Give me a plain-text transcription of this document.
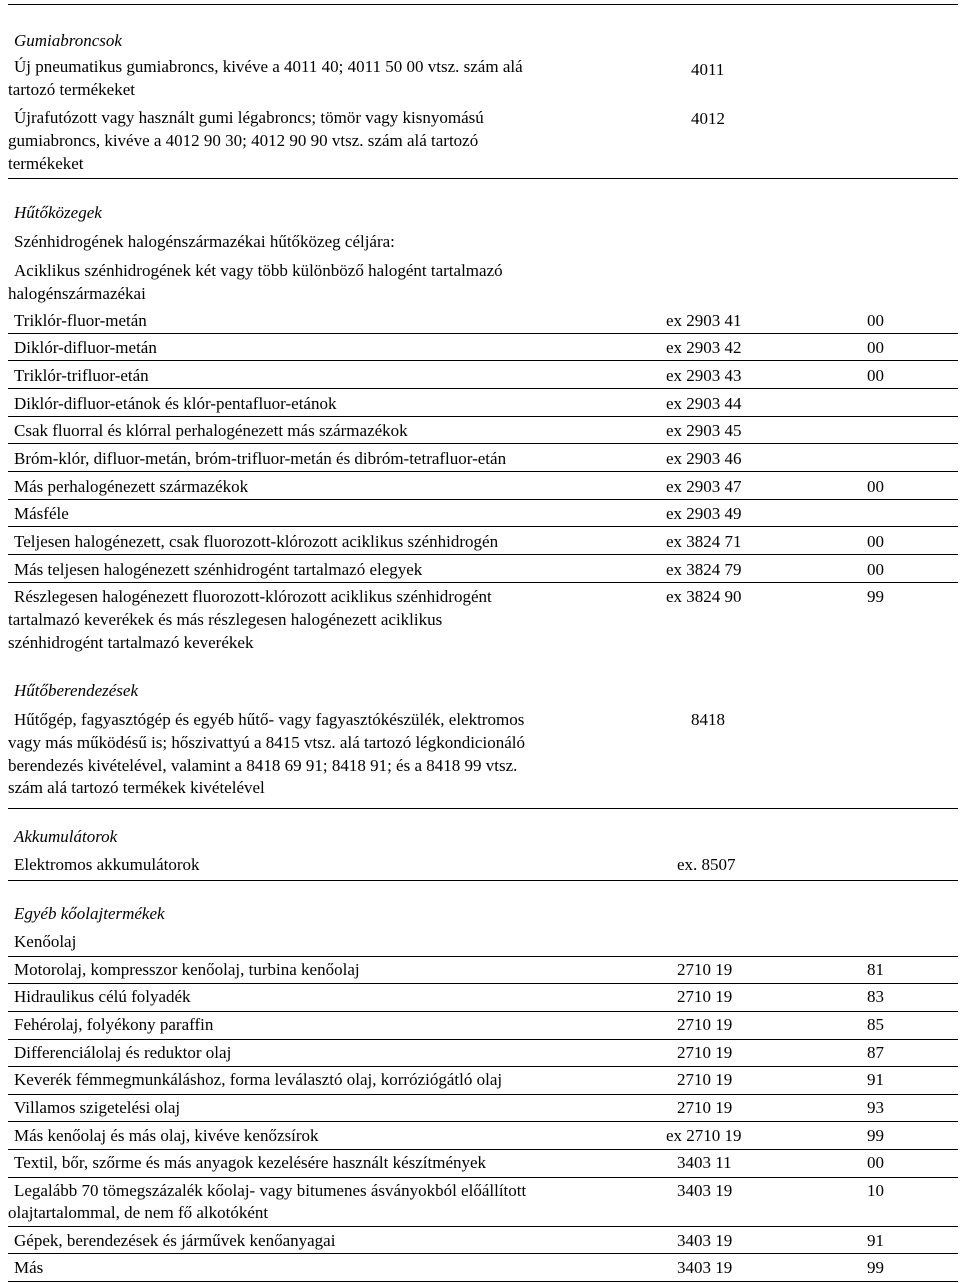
Gumiabroncsok
Új pneumatikus gumiabroncs, kivéve a 4011 40; 4011 50 00 vtsz. szám alá
tartozó termékeket
4011
Újrafutózott vagy használt gumi légabroncs; tömör vagy kisnyomású
gumiabroncs, kivéve a 4012 90 30; 4012 90 90 vtsz. szám alá tartozó
termékeket
4012
Hűtőközegek
Szénhidrogének halogénszármazékai hűtőközeg céljára:
Aciklikus szénhidrogének két vagy több különböző halogént tartalmazó
halogénszármazékai
Triklór-fluor-metán	ex 2903 41	00
Diklór-difluor-metán	ex 2903 42	00
Triklór-trifluor-etán	ex 2903 43	00
Diklór-difluor-etánok és klór-pentafluor-etánok	ex 2903 44
Csak fluorral és klórral perhalogénezett más származékok	ex 2903 45
Bróm-klór, difluor-metán, bróm-trifluor-metán és dibróm-tetrafluor-etán	ex 2903 46
Más perhalogénezett származékok	ex 2903 47	00
Másféle	ex 2903 49
Teljesen halogénezett, csak fluorozott-klórozott aciklikus szénhidrogén	ex 3824 71	00
Más teljesen halogénezett szénhidrogént tartalmazó elegyek	ex 3824 79	00
Részlegesen halogénezett fluorozott-klórozott aciklikus szénhidrogént
tartalmazó keverékek és más részlegesen halogénezett aciklikus
szénhidrogént tartalmazó keverékek
ex 3824 90	99
Hűtőberendezések
Hűtőgép, fagyasztógép és egyéb hűtő- vagy fagyasztókészülék, elektromos
vagy más működésű is; hőszivattyú a 8415 vtsz. alá tartozó légkondicionáló
berendezés kivételével, valamint a 8418 69 91; 8418 91; és a 8418 99 vtsz.
szám alá tartozó termékek kivételével
8418
Akkumulátorok
Elektromos akkumulátorok	ex. 8507
Egyéb kőolajtermékek
Kenőolaj
Motorolaj, kompresszor kenőolaj, turbina kenőolaj	2710 19	81
Hidraulikus célú folyadék	2710 19	83
Fehérolaj, folyékony paraffin	2710 19	85
Differenciálolaj és reduktor olaj	2710 19	87
Keverék fémmegmunkáláshoz, forma leválasztó olaj, korróziógátló olaj	2710 19	91
Villamos szigetelési olaj	2710 19	93
Más kenőolaj és más olaj, kivéve kenőzsírok	ex 2710 19	99
Textil, bőr, szőrme és más anyagok kezelésére használt készítmények	3403 11	00
Legalább 70 tömegszázalék kőolaj- vagy bitumenes ásványokból előállított
olajtartalommal, de nem fő alkotóként
3403 19	10
Gépek, berendezések és járművek kenőanyagai	3403 19	91
Más	3403 19	99
